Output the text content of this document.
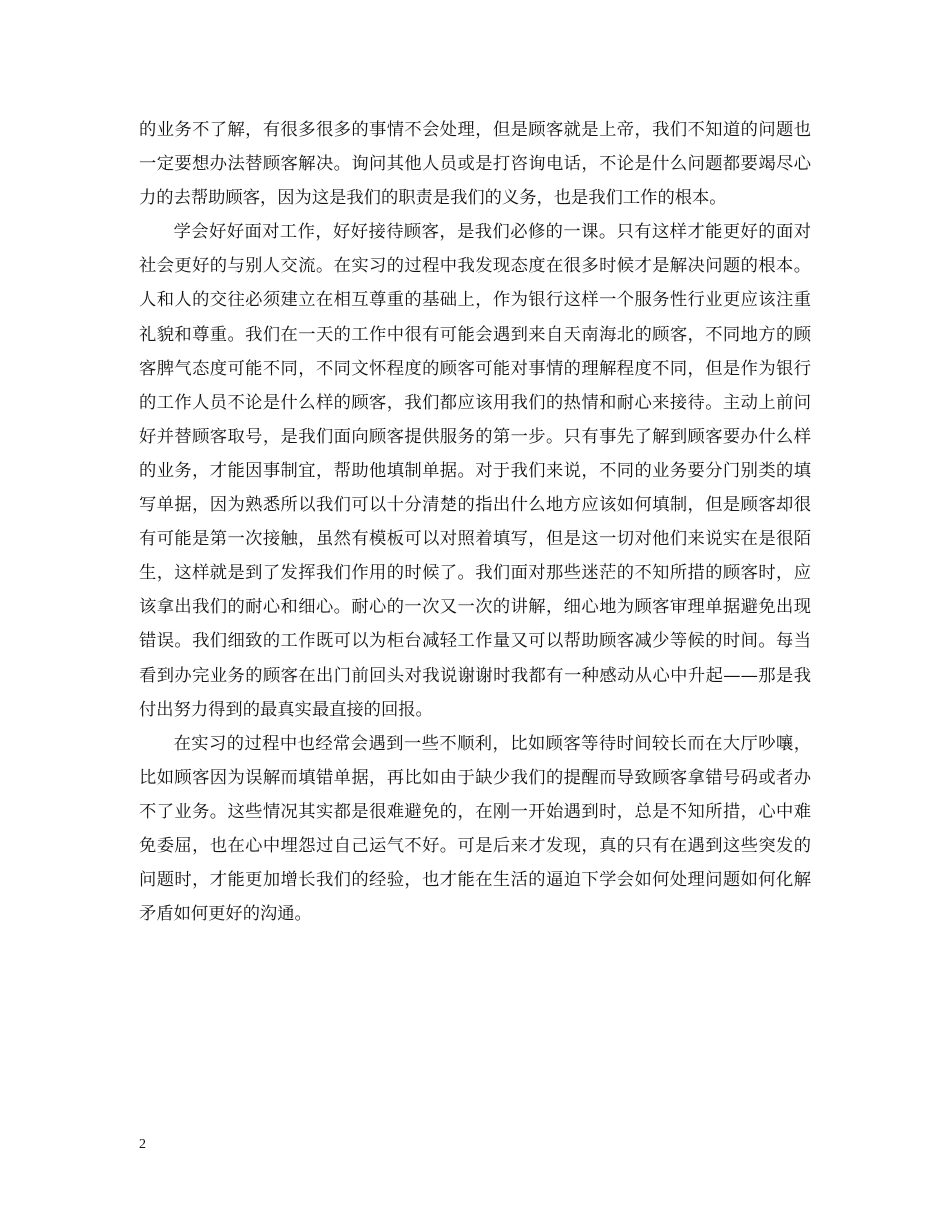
的业务不了解，有很多很多的事情不会处理，但是顾客就是上帝，我们不知道的问题也一定要想办法替顾客解决。询问其他人员或是打咨询电话，不论是什么问题都要竭尽心力的去帮助顾客，因为这是我们的职责是我们的义务，也是我们工作的根本。

学会好好面对工作，好好接待顾客，是我们必修的一课。只有这样才能更好的面对社会更好的与别人交流。在实习的过程中我发现态度在很多时候才是解决问题的根本。人和人的交往必须建立在相互尊重的基础上，作为银行这样一个服务性行业更应该注重礼貌和尊重。我们在一天的工作中很有可能会遇到来自天南海北的顾客，不同地方的顾客脾气态度可能不同，不同文怀程度的顾客可能对事情的理解程度不同，但是作为银行的工作人员不论是什么样的顾客，我们都应该用我们的热情和耐心来接待。主动上前问好并替顾客取号，是我们面向顾客提供服务的第一步。只有事先了解到顾客要办什么样的业务，才能因事制宜，帮助他填制单据。对于我们来说，不同的业务要分门别类的填写单据，因为熟悉所以我们可以十分清楚的指出什么地方应该如何填制，但是顾客却很有可能是第一次接触，虽然有模板可以对照着填写，但是这一切对他们来说实在是很陌生，这样就是到了发挥我们作用的时候了。我们面对那些迷茫的不知所措的顾客时，应该拿出我们的耐心和细心。耐心的一次又一次的讲解，细心地为顾客审理单据避免出现错误。我们细致的工作既可以为柜台减轻工作量又可以帮助顾客减少等候的时间。每当看到办完业务的顾客在出门前回头对我说谢谢时我都有一种感动从心中升起——那是我付出努力得到的最真实最直接的回报。

在实习的过程中也经常会遇到一些不顺利，比如顾客等待时间较长而在大厅吵嚷，比如顾客因为误解而填错单据，再比如由于缺少我们的提醒而导致顾客拿错号码或者办不了业务。这些情况其实都是很难避免的，在刚一开始遇到时，总是不知所措，心中难免委屈，也在心中埋怨过自己运气不好。可是后来才发现，真的只有在遇到这些突发的问题时，才能更加增长我们的经验，也才能在生活的逼迫下学会如何处理问题如何化解矛盾如何更好的沟通。

2
